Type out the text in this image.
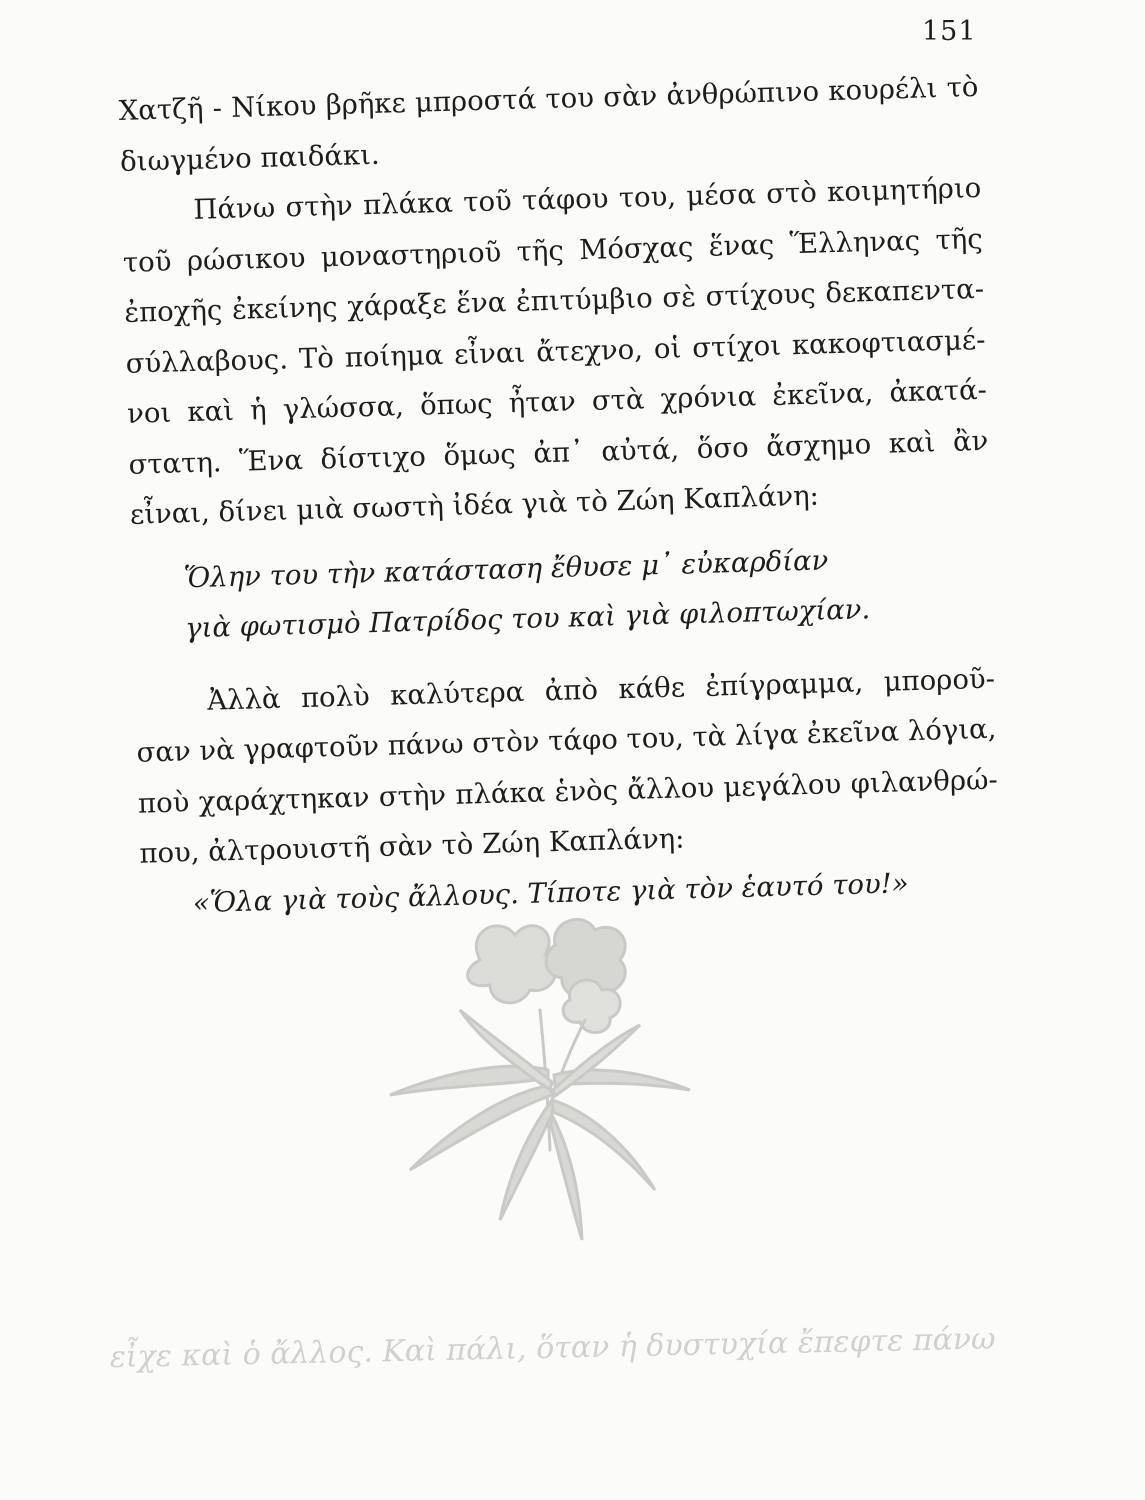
151
Χατζῆ - Νίκου βρῆκε μπροστά του σὰν ἀνθρώπινο κουρέλι τὸ
διωγμένο παιδάκι.
Πάνω στὴν πλάκα τοῦ τάφου του, μέσα στὸ κοιμητήριο
τοῦ ρώσικου μοναστηριοῦ τῆς Μόσχας ἕνας Ἕλληνας τῆς
ἐποχῆς ἐκείνης χάραξε ἕνα ἐπιτύμβιο σὲ στίχους δεκαπεντα-
σύλλαβους. Τὸ ποίημα εἶναι ἄτεχνο, οἱ στίχοι κακοφτιασμέ-
νοι καὶ ἡ γλώσσα, ὅπως ἦταν στὰ χρόνια ἐκεῖνα, ἀκατά-
στατη. Ἕνα δίστιχο ὅμως ἀπ᾽ αὐτά, ὅσο ἄσχημο καὶ ἂν
εἶναι, δίνει μιὰ σωστὴ ἰδέα γιὰ τὸ Ζώη Καπλάνη:
Ὅλην του τὴν κατάσταση ἔθυσε μ᾽ εὐκαρδίαν
γιὰ φωτισμὸ Πατρίδος του καὶ γιὰ φιλοπτωχίαν.
Ἀλλὰ πολὺ καλύτερα ἀπὸ κάθε ἐπίγραμμα, μποροῦ-
σαν νὰ γραφτοῦν πάνω στὸν τάφο του, τὰ λίγα ἐκεῖνα λόγια,
ποὺ χαράχτηκαν στὴν πλάκα ἑνὸς ἄλλου μεγάλου φιλανθρώ-
που, ἀλτρουιστῆ σὰν τὸ Ζώη Καπλάνη:
«Ὅλα γιὰ τοὺς ἄλλους. Τίποτε γιὰ τὸν ἑαυτό του!»
εἶχε καὶ ὁ ἄλλος. Καὶ πάλι, ὅταν ἡ δυστυχία ἔπεφτε πάνω
